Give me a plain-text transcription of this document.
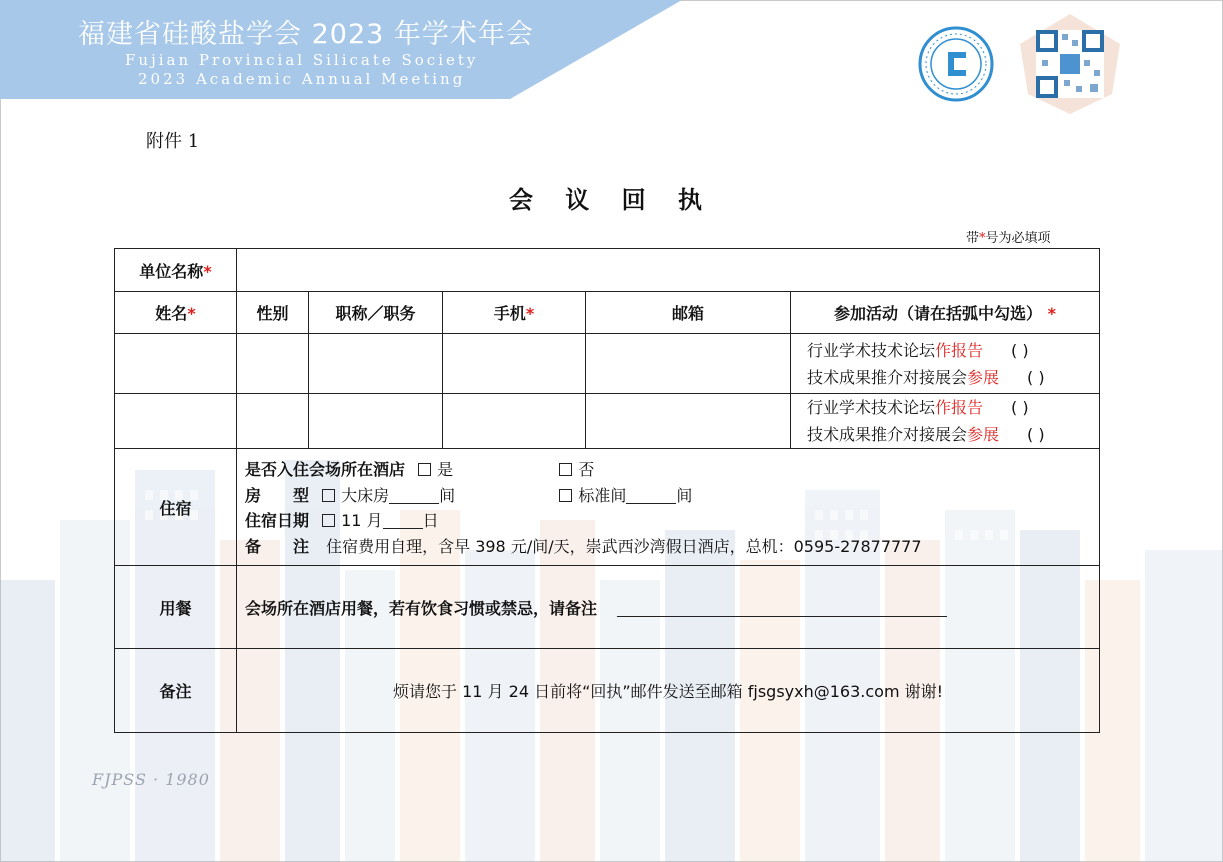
福建省硅酸盐学会 2023 年学术年会
Fujian Provincial Silicate Society
2023 Academic Annual Meeting
附件 1
会 议 回 执
带*号为必填项
单位名称*					
姓名*	性别	职称／职务	手机*	邮箱	参加活动（请在括弧中勾选） *

					行业学术技术论坛作报告 ( )
技术成果推介对接展会参展 ( )

					行业学术技术论坛作报告 ( )
技术成果推介对接展会参展 ( )

住宿	是否入住会场所在酒店 是 否
房　　型 大床房 间 标准间 间
住宿日期 11 月 日
备　　注 住宿费用自理，含早 398 元/间/天，崇武西沙湾假日酒店，总机：0595-27877777				

用餐	会场所在酒店用餐，若有饮食习惯或禁忌，请备注				
备注	烦请您于 11 月 24 日前将“回执”邮件发送至邮箱 fjsgsyxh@163.com 谢谢!				
FJPSS · 1980
